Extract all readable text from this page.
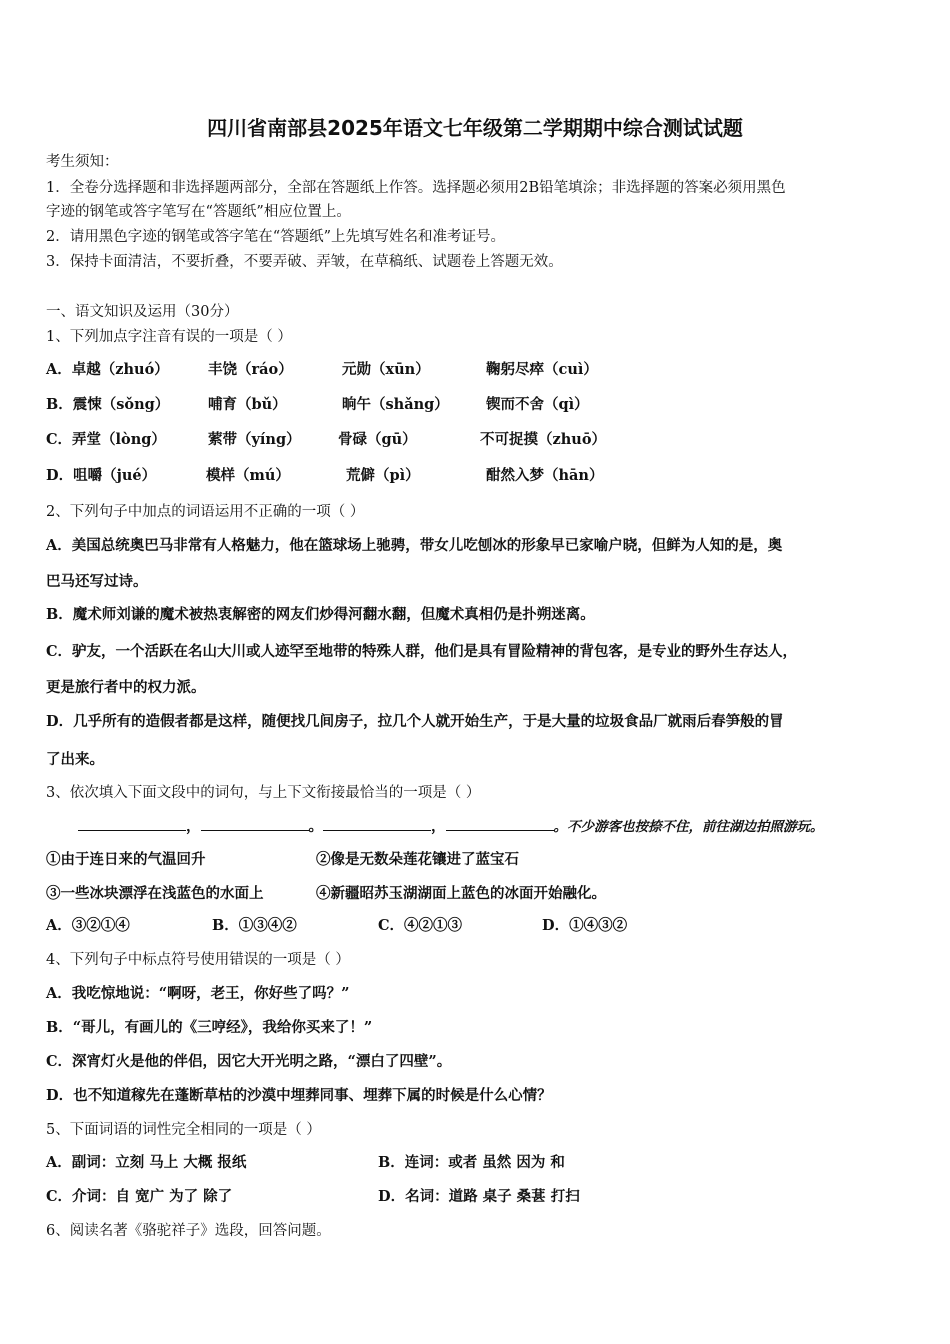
四川省南部县2025年语文七年级第二学期期中综合测试试题
考生须知：
1．全卷分选择题和非选择题两部分，全部在答题纸上作答。选择题必须用2B铅笔填涂；非选择题的答案必须用黑色
字迹的钢笔或答字笔写在“答题纸”相应位置上。
2．请用黑色字迹的钢笔或答字笔在“答题纸”上先填写姓名和准考证号。
3．保持卡面清洁，不要折叠，不要弄破、弄皱，在草稿纸、试题卷上答题无效。
一、语文知识及运用（30分）
1、下列加点字注音有误的一项是（ ）
A．卓越（zhuó）	丰饶（ráo）	元勋（xūn）	鞠躬尽瘁（cuì）
B．震悚（sǒng）	哺育（bǔ）	晌午（shǎng）	锲而不舍（qì）
C．弄堂（lòng）	萦带（yíng）	骨碌（gū）	不可捉摸（zhuō）
D．咀嚼（jué）	模样（mú）	荒僻（pì）	酣然入梦（hān）
2、下列句子中加点的词语运用不正确的一项（ ）
A．美国总统奥巴马非常有人格魅力，他在篮球场上驰骋，带女儿吃刨冰的形象早已家喻户晓，但鲜为人知的是，奥
巴马还写过诗。
B．魔术师刘谦的魔术被热衷解密的网友们炒得河翻水翻，但魔术真相仍是扑朔迷离。
C．驴友，一个活跃在名山大川或人迹罕至地带的特殊人群，他们是具有冒险精神的背包客，是专业的野外生存达人，
更是旅行者中的权力派。
D．几乎所有的造假者都是这样，随便找几间房子，拉几个人就开始生产，于是大量的垃圾食品厂就雨后春笋般的冒
了出来。
3、依次填入下面文段中的词句，与上下文衔接最恰当的一项是（ ）
，	。	，	。不少游客也按捺不住，前往湖边拍照游玩。
①由于连日来的气温回升	②像是无数朵莲花镶进了蓝宝石
③一些冰块漂浮在浅蓝色的水面上	④新疆昭苏玉湖湖面上蓝色的冰面开始融化。
A．③②①④	B．①③④②	C．④②①③	D．①④③②
4、下列句子中标点符号使用错误的一项是（ ）
A．我吃惊地说：“啊呀，老王，你好些了吗？”
B．“哥儿，有画儿的《三哼经》，我给你买来了！”
C．深宵灯火是他的伴侣，因它大开光明之路，“漂白了四壁”。
D．也不知道稼先在蓬断草枯的沙漠中埋葬同事、埋葬下属的时候是什么心情？
5、下面词语的词性完全相同的一项是（ ）
A．副词：立刻 马上 大概 报纸	B．连词：或者 虽然 因为 和
C．介词：自 宽广 为了 除了	D．名词：道路 桌子 桑葚 打扫
6、阅读名著《骆驼祥子》选段，回答问题。
